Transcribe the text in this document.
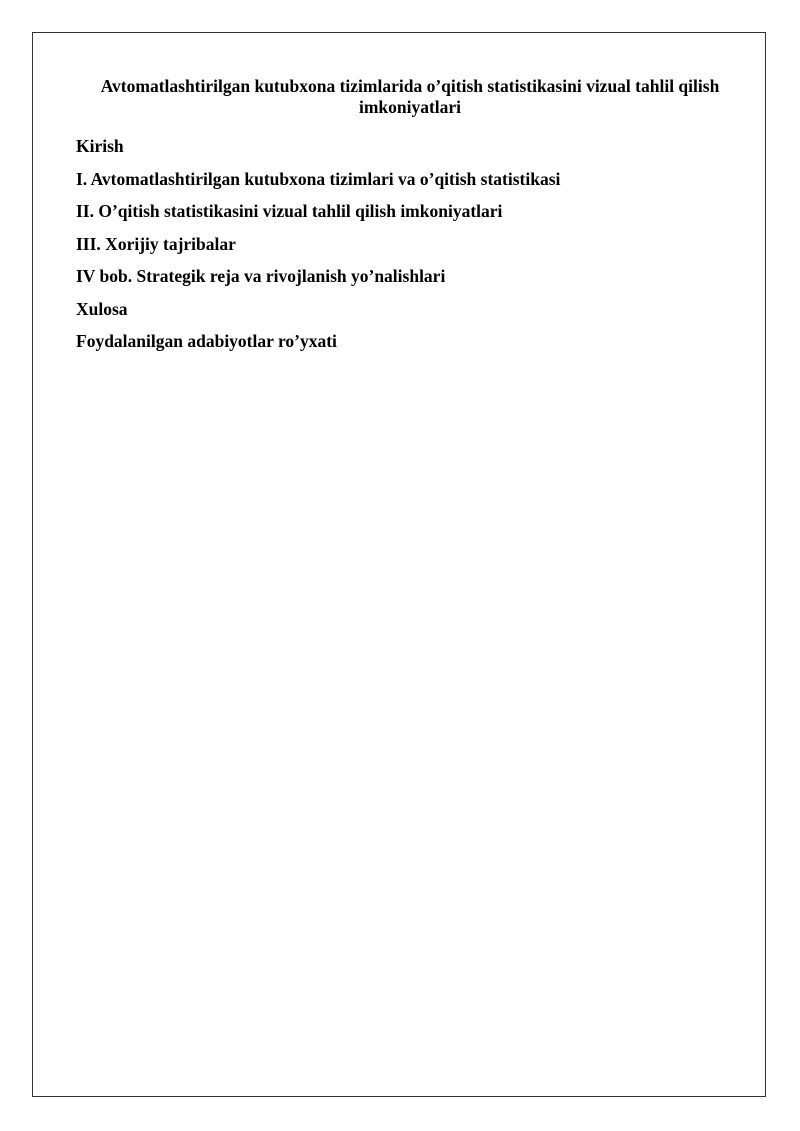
Avtomatlashtirilgan kutubxona tizimlarida o’qitish statistikasini vizual tahlil qilish imkoniyatlari
Kirish
I. Avtomatlashtirilgan kutubxona tizimlari va o’qitish statistikasi
II. O’qitish statistikasini vizual tahlil qilish imkoniyatlari
III. Xorijiy tajribalar
IV bob. Strategik reja va rivojlanish yo’nalishlari
Xulosa
Foydalanilgan adabiyotlar ro’yxati
